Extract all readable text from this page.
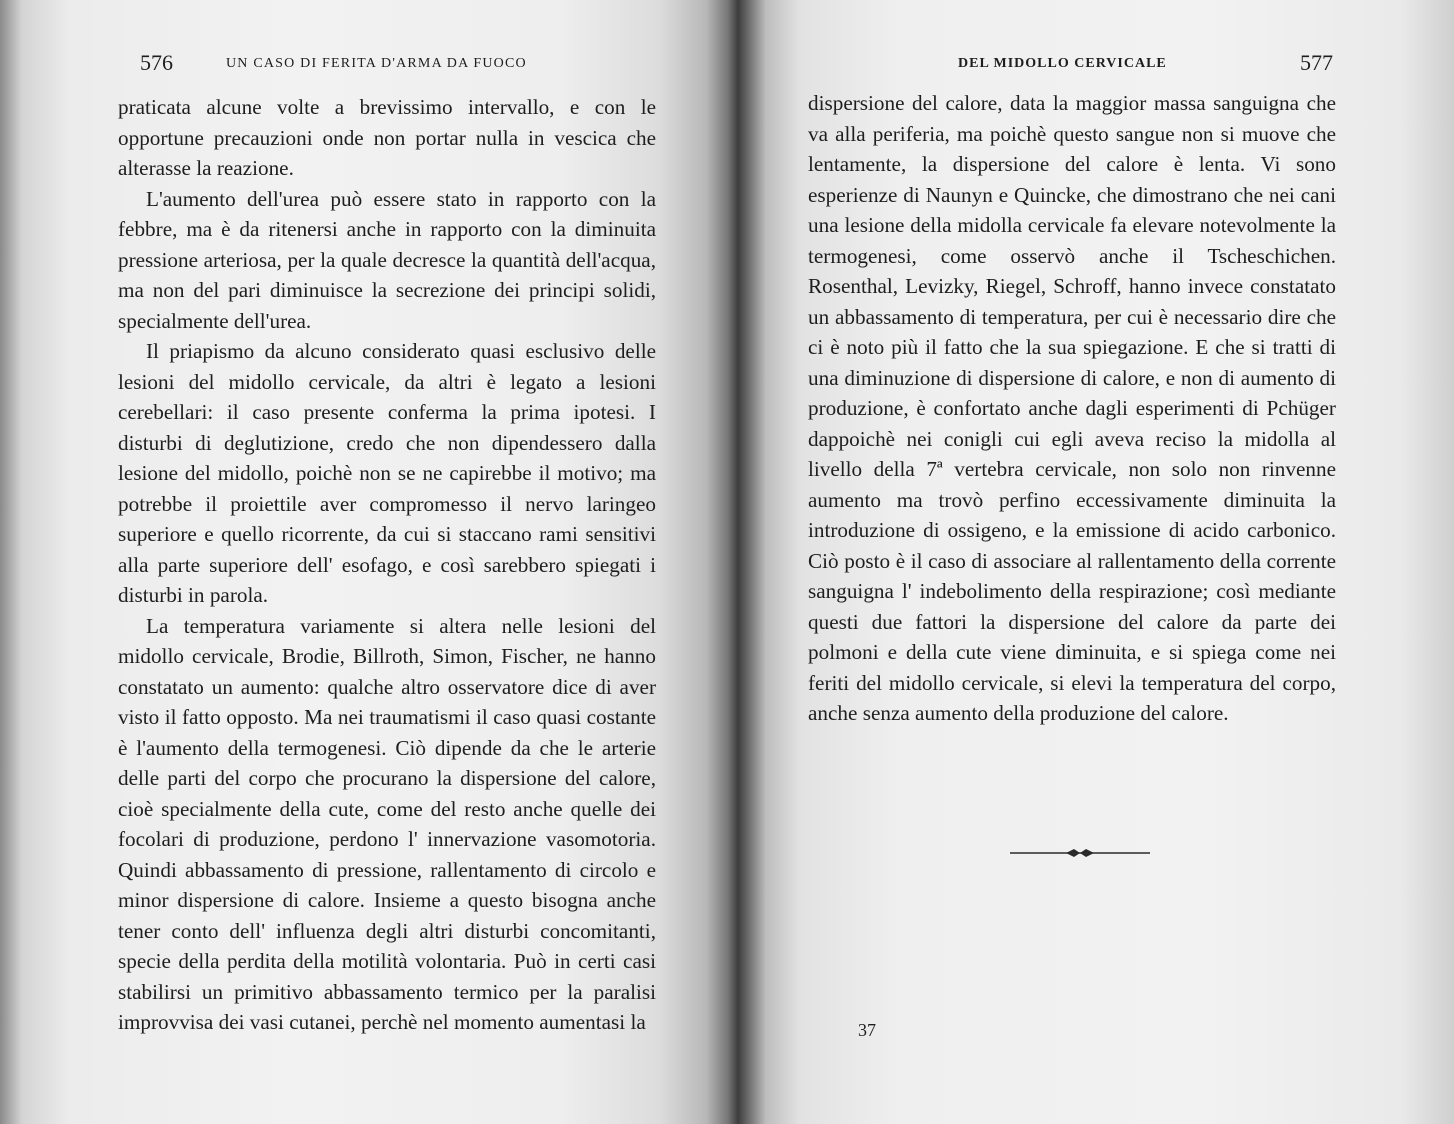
576	UN CASO DI FERITA D'ARMA DA FUOCO

praticata alcune volte a brevissimo intervallo, e con le opportune precauzioni onde non portar nulla in vescica che alterasse la reazione.

L'aumento dell'urea può essere stato in rapporto con la febbre, ma è da ritenersi anche in rapporto con la diminuita pressione arteriosa, per la quale decresce la quantità dell'acqua, ma non del pari diminuisce la secrezione dei principi solidi, specialmente dell'urea.

Il priapismo da alcuno considerato quasi esclusivo delle lesioni del midollo cervicale, da altri è legato a lesioni cerebellari: il caso presente conferma la prima ipotesi. I disturbi di deglutizione, credo che non dipendessero dalla lesione del midollo, poichè non se ne capirebbe il motivo; ma potrebbe il proiettile aver compromesso il nervo laringeo superiore e quello ricorrente, da cui si staccano rami sensitivi alla parte superiore dell' esofago, e così sarebbero spiegati i disturbi in parola.

La temperatura variamente si altera nelle lesioni del midollo cervicale, Brodie, Billroth, Simon, Fischer, ne hanno constatato un aumento: qualche altro osservatore dice di aver visto il fatto opposto. Ma nei traumatismi il caso quasi costante è l'aumento della termogenesi. Ciò dipende da che le arterie delle parti del corpo che procurano la dispersione del calore, cioè specialmente della cute, come del resto anche quelle dei focolari di produzione, perdono l' innervazione vasomotoria. Quindi abbassamento di pressione, rallentamento di circolo e minor dispersione di calore. Insieme a questo bisogna anche tener conto dell' influenza degli altri disturbi concomitanti, specie della perdita della motilità volontaria. Può in certi casi stabilirsi un primitivo abbassamento termico per la paralisi improvvisa dei vasi cutanei, perchè nel momento aumentasi la

DEL MIDOLLO CERVICALE	577

dispersione del calore, data la maggior massa sanguigna che va alla periferia, ma poichè questo sangue non si muove che lentamente, la dispersione del calore è lenta. Vi sono esperienze di Naunyn e Quincke, che dimostrano che nei cani una lesione della midolla cervicale fa elevare notevolmente la termogenesi, come osservò anche il Tscheschichen. Rosenthal, Levizky, Riegel, Schroff, hanno invece constatato un abbassamento di temperatura, per cui è necessario dire che ci è noto più il fatto che la sua spiegazione. E che si tratti di una diminuzione di dispersione di calore, e non di aumento di produzione, è confortato anche dagli esperimenti di Pchüger dappoichè nei conigli cui egli aveva reciso la midolla al livello della 7ª vertebra cervicale, non solo non rinvenne aumento ma trovò perfino eccessivamente diminuita la introduzione di ossigeno, e la emissione di acido carbonico. Ciò posto è il caso di associare al rallentamento della corrente sanguigna l' indebolimento della respirazione; così mediante questi due fattori la dispersione del calore da parte dei polmoni e della cute viene diminuita, e si spiega come nei feriti del midollo cervicale, si elevi la temperatura del corpo, anche senza aumento della produzione del calore.

37
